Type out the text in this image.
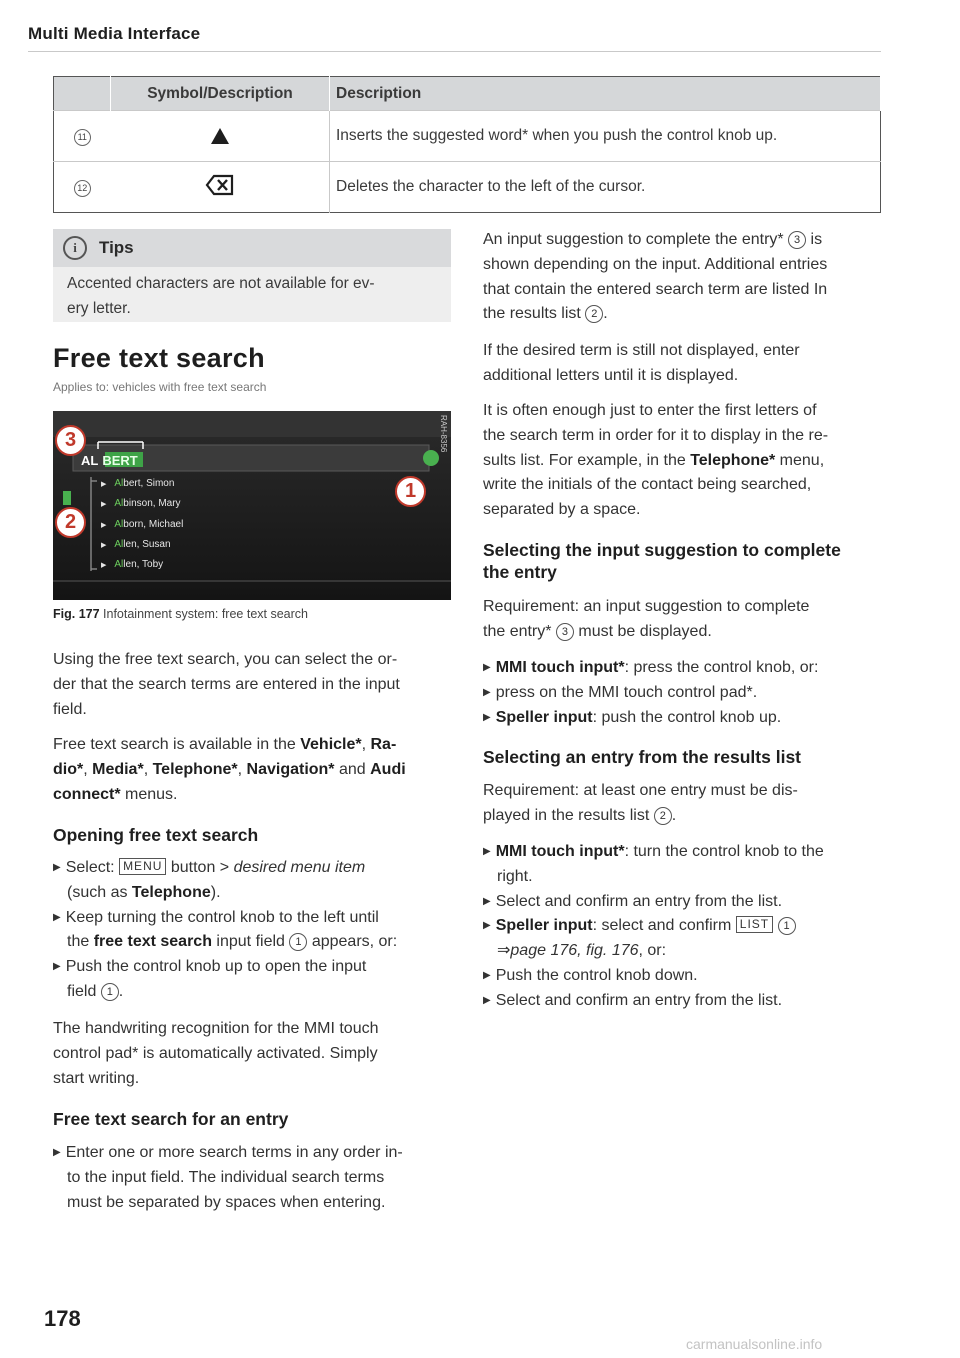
Multi Media Interface
	Symbol/Description	Description
11		Inserts the suggested word* when you push the control knob up.
12		Deletes the character to the left of the cursor.
i	Tips
Accented characters are not available for ev-
ery letter.
Free text search
Applies to: vehicles with free text search
AL BERT
RAH-8356
▶ Albert, Simon
▶ Albinson, Mary
▶ Alborn, Michael
▶ Allen, Susan
▶ Allen, Toby
3
2
1
Fig. 177 Infotainment system: free text search
Using the free text search, you can select the or-
der that the search terms are entered in the input
field.
Free text search is available in the Vehicle*, Ra-
dio*, Media*, Telephone*, Navigation* and Audi
connect* menus.
Opening free text search
▶ Select: MENU button > desired menu item
(such as Telephone).
▶ Keep turning the control knob to the left until
the free text search input field 1 appears, or:
▶ Push the control knob up to open the input
field 1 .
The handwriting recognition for the MMI touch
control pad* is automatically activated. Simply
start writing.
Free text search for an entry
▶ Enter one or more search terms in any order in-
to the input field. The individual search terms
must be separated by spaces when entering.
An input suggestion to complete the entry* 3 is
shown depending on the input. Additional entries
that contain the entered search term are listed In
the results list 2 .
If the desired term is still not displayed, enter
additional letters until it is displayed.
It is often enough just to enter the first letters of
the search term in order for it to display in the re-
sults list. For example, in the Telephone* menu,
write the initials of the contact being searched,
separated by a space.
Selecting the input suggestion to complete
the entry
Requirement: an input suggestion to complete
the entry* 3 must be displayed.
▶ MMI touch input*: press the control knob, or:
▶ press on the MMI touch control pad*.
▶ Speller input: push the control knob up.
Selecting an entry from the results list
Requirement: at least one entry must be dis-
played in the results list 2 .
▶ MMI touch input*: turn the control knob to the
right.
▶ Select and confirm an entry from the list.
▶ Speller input: select and confirm LIST 1
⇒page 176, fig. 176, or:
▶ Push the control knob down.
▶ Select and confirm an entry from the list.
178
carmanualsonline.info
